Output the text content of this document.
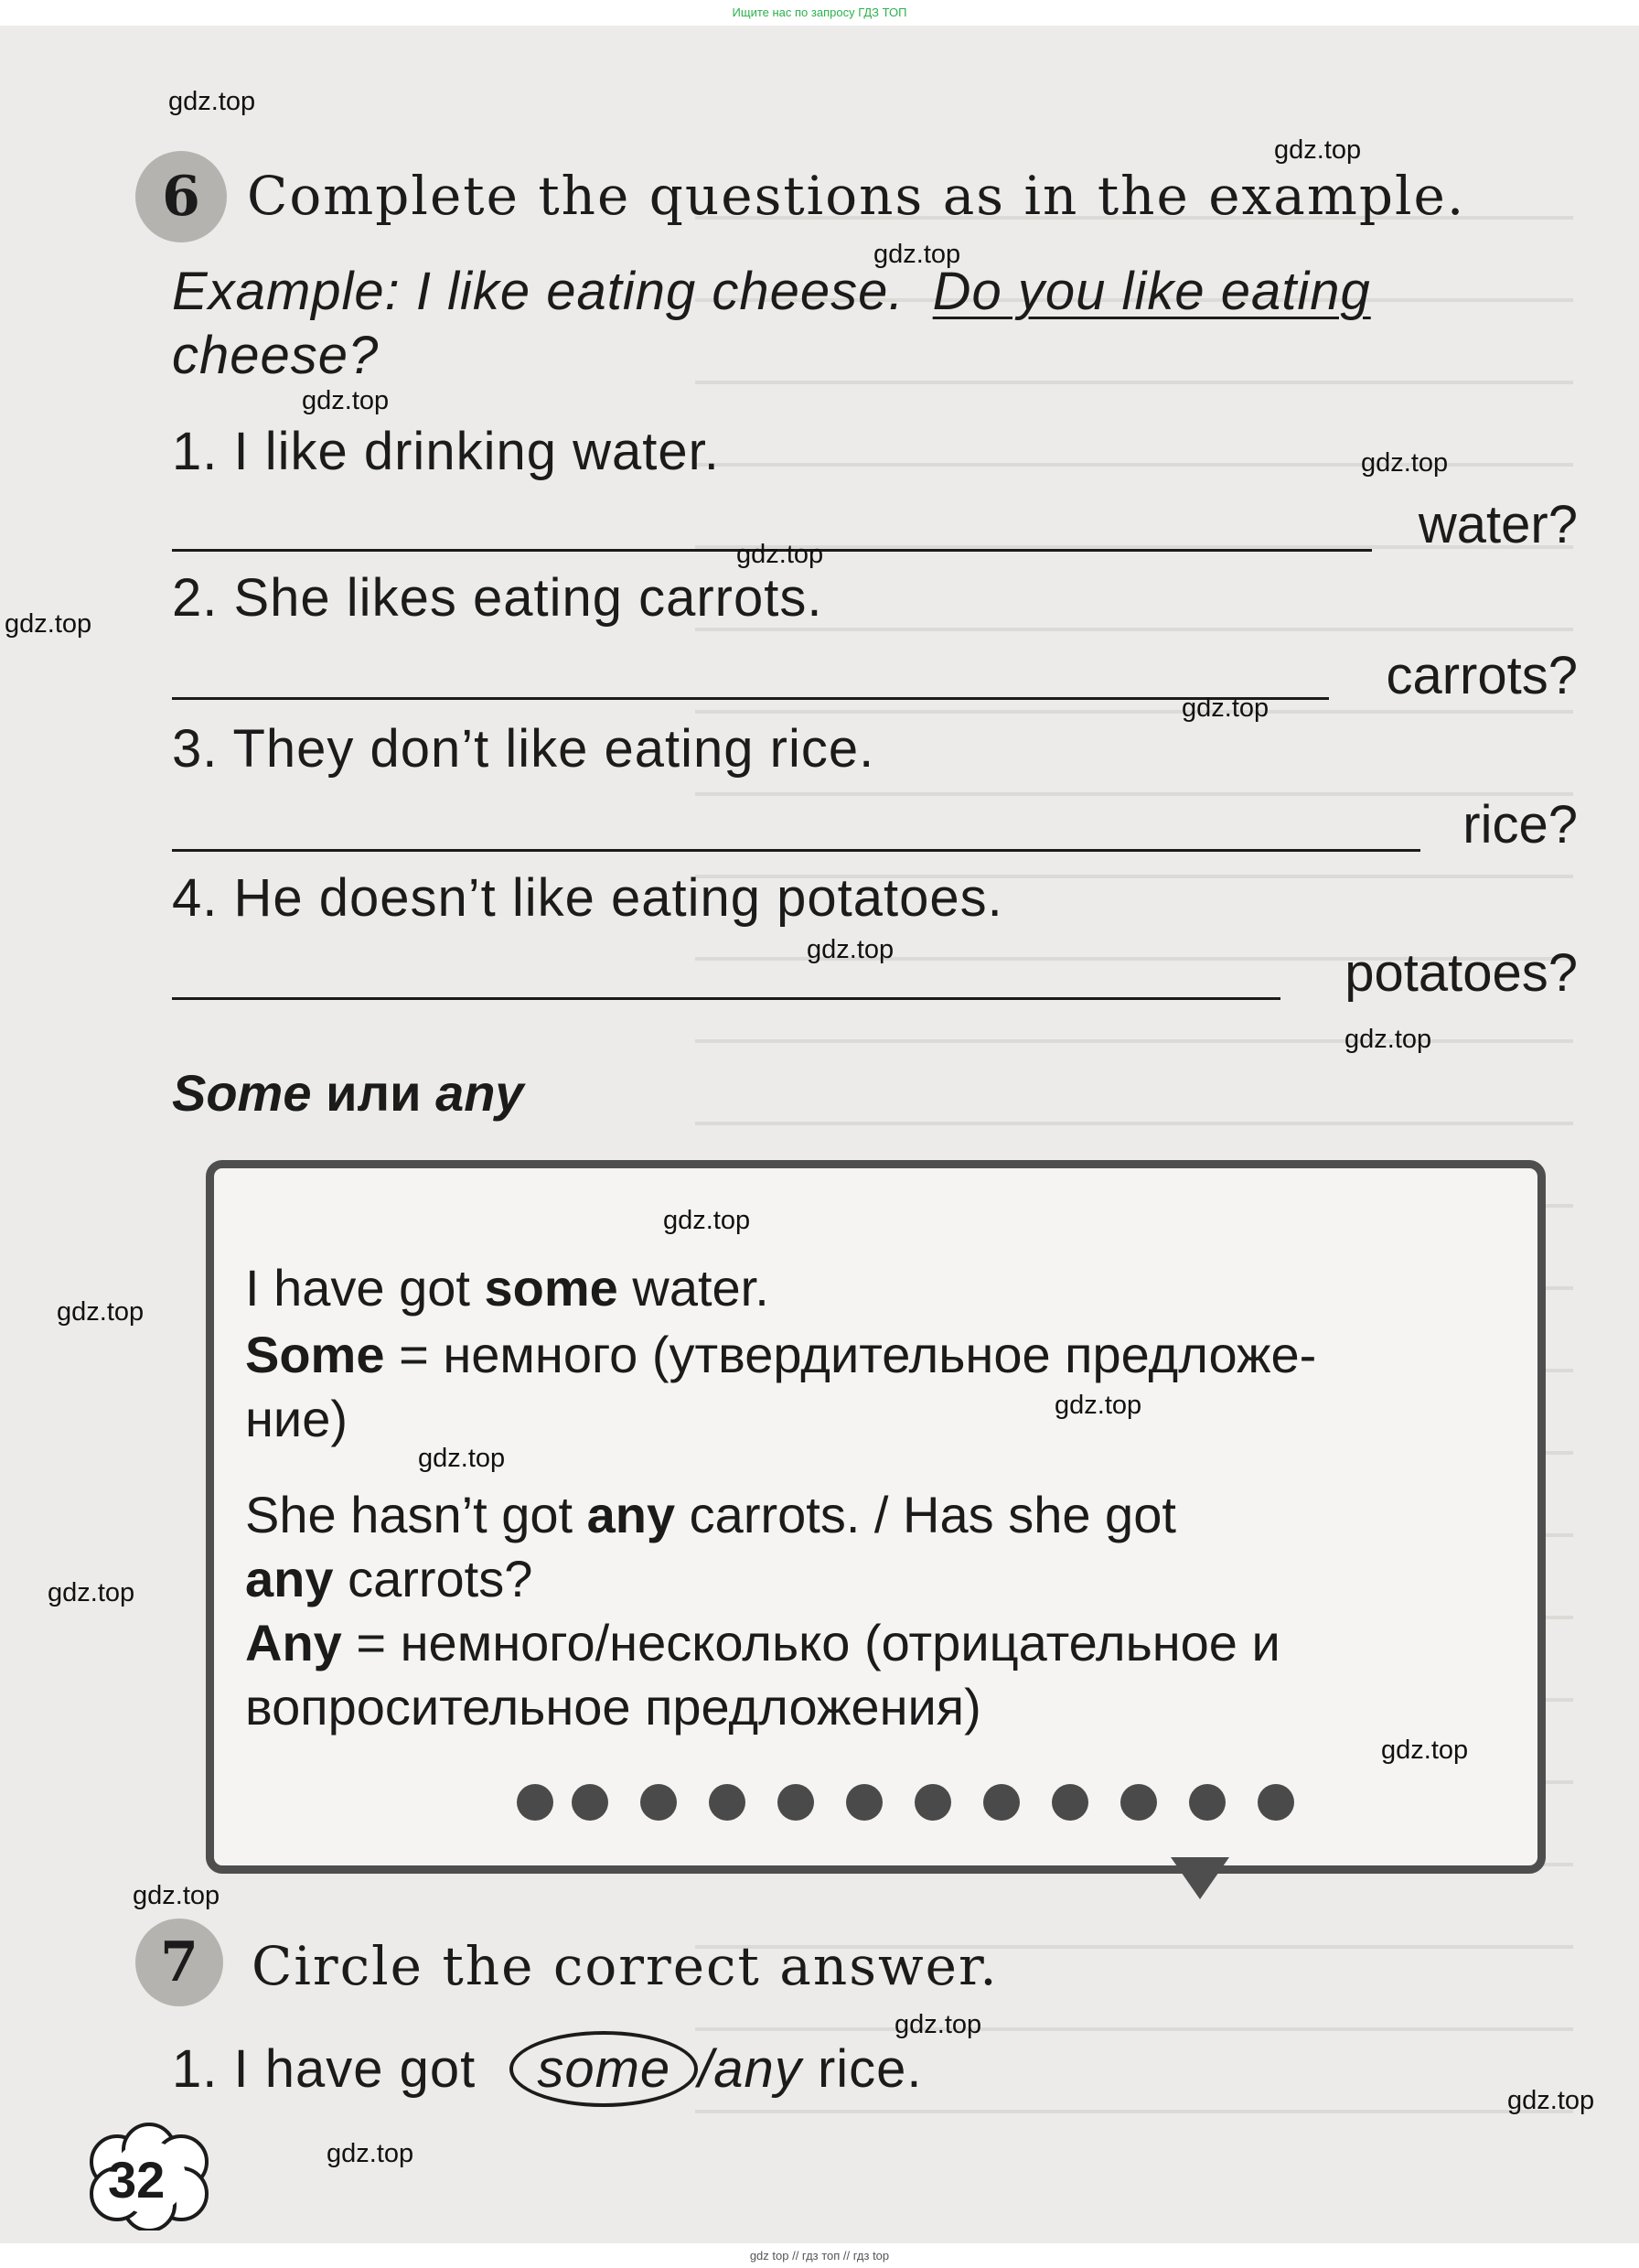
Ищите нас по запросу ГДЗ ТОП
gdz top // гдз топ // гдз top
6 Complete the questions as in the example.
Example: I like eating cheese. Do you like eating
cheese?
1. I like drinking water.
water?
2. She likes eating carrots.
carrots?
3. They don’t like eating rice.
rice?
4. He doesn’t like eating potatoes.
potatoes?
Some или any
I have got some water.
Some = немного (утвердительное предложе-
ние)
She hasn’t got any carrots. / Has she got
any carrots?
Any = немного/несколько (отрицательное и
вопросительное предложения)
7 Circle the correct answer.
1. I have got some /any rice.
32
gdz.top
gdz.top
gdz.top
gdz.top
gdz.top
gdz.top
gdz.top
gdz.top
gdz.top
gdz.top
gdz.top
gdz.top
gdz.top
gdz.top
gdz.top
gdz.top
gdz.top
gdz.top
gdz.top
gdz.top
